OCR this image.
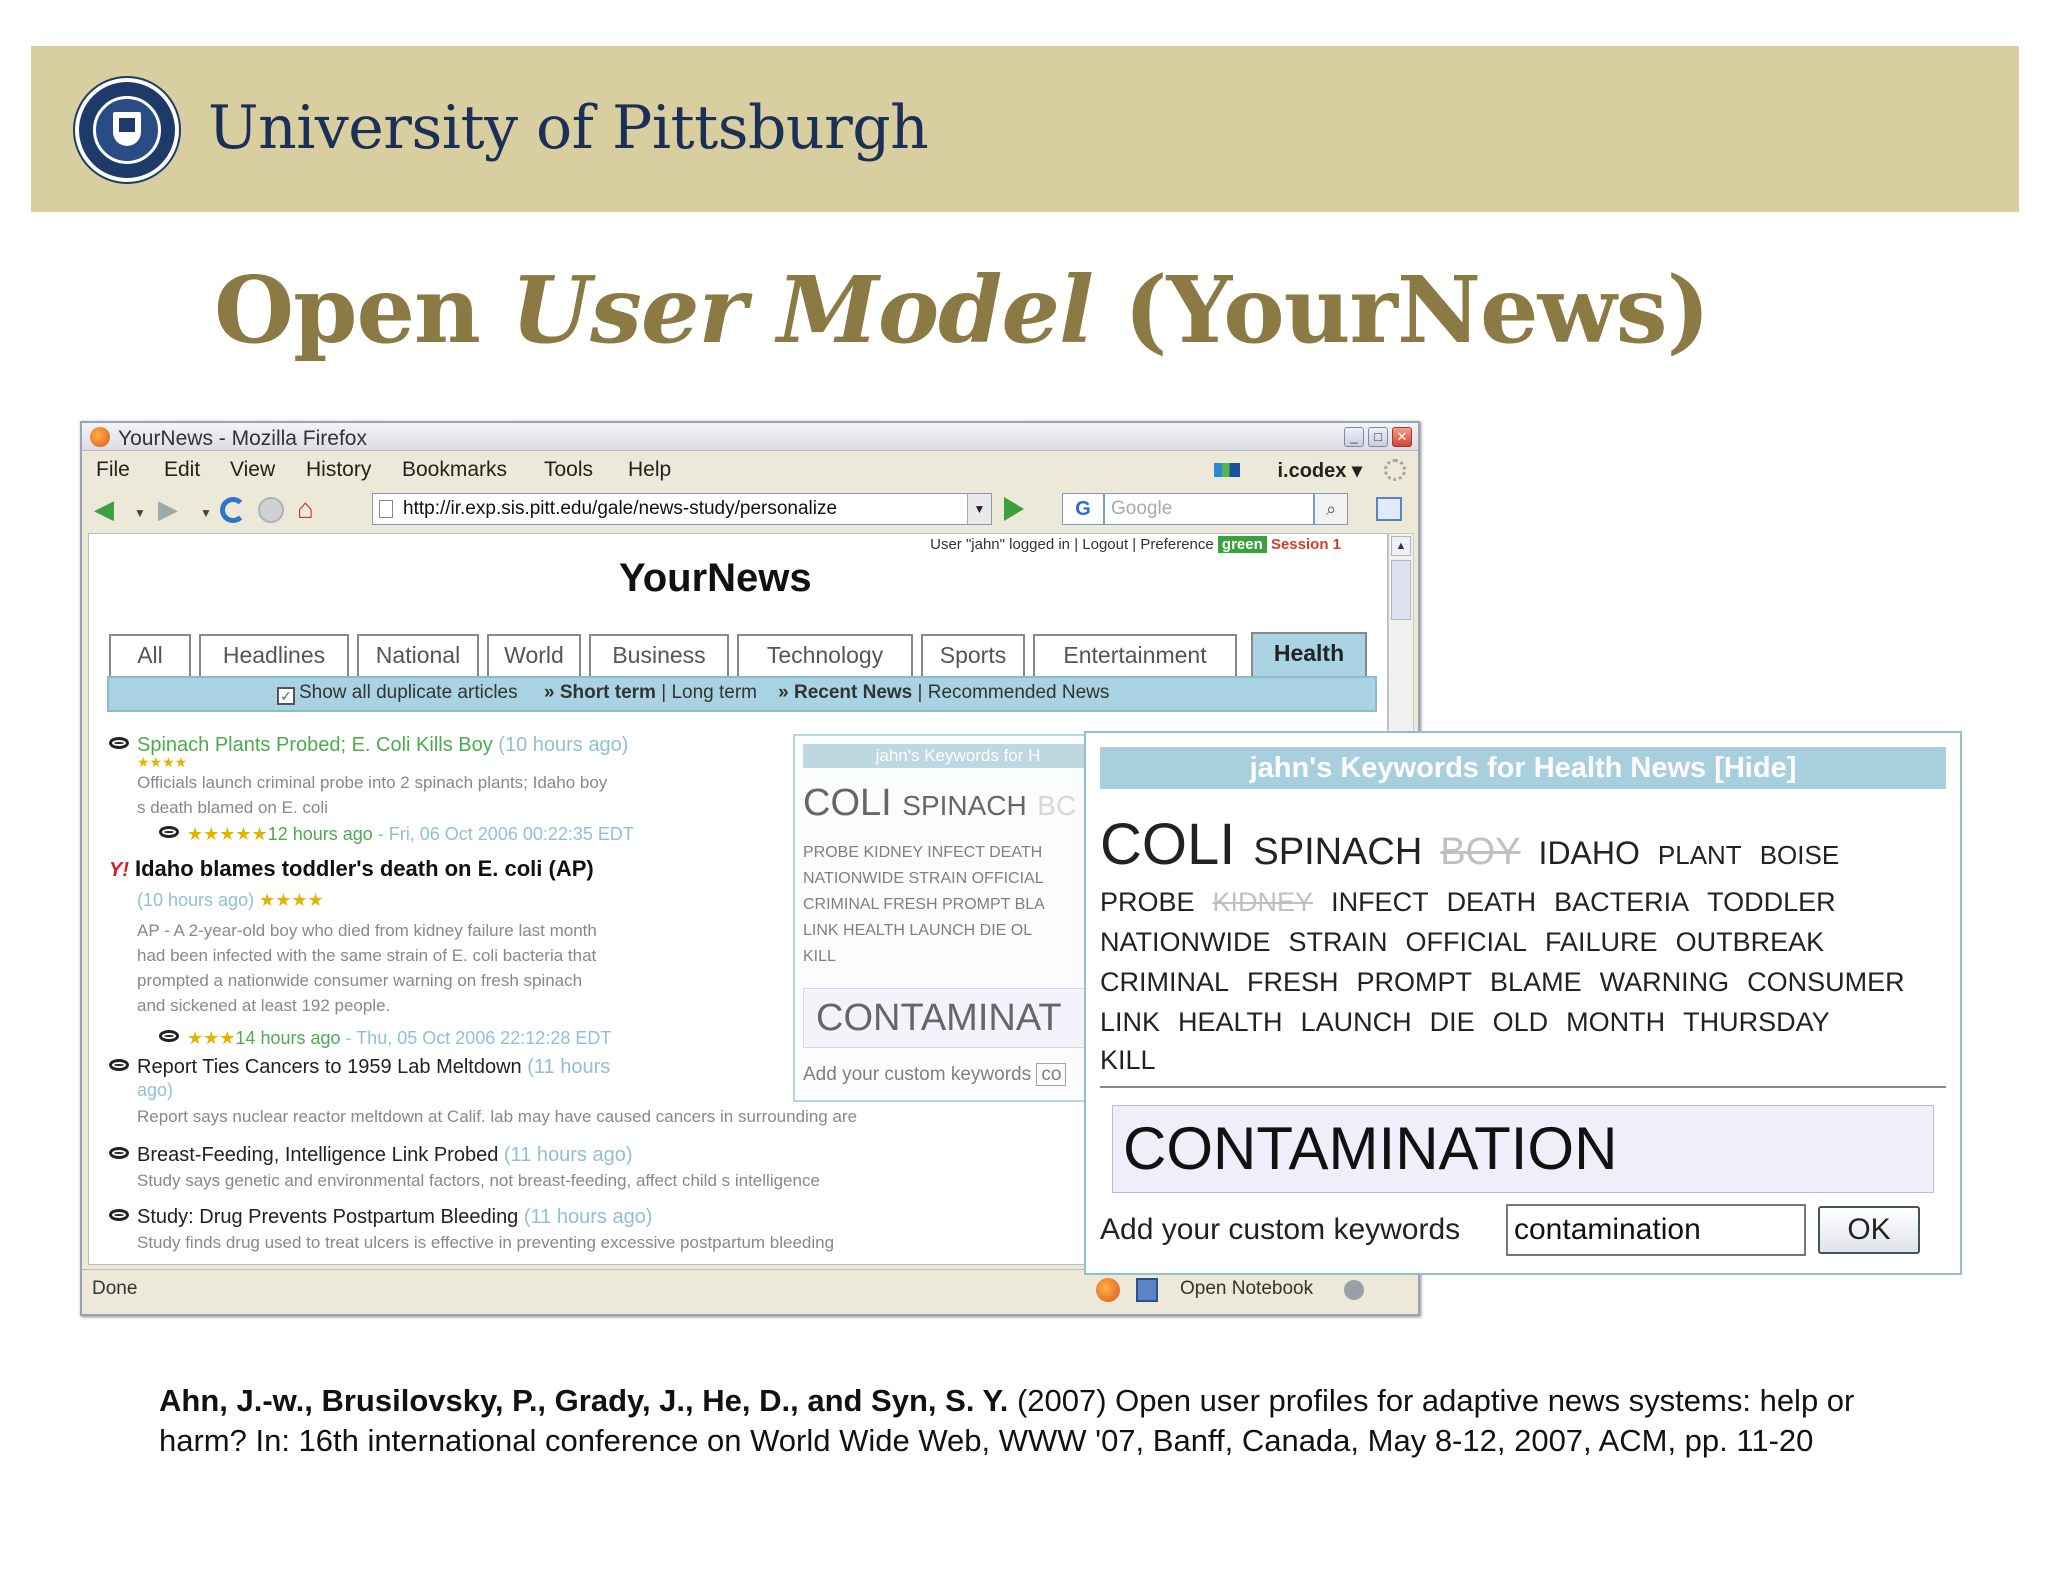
University of Pittsburgh
Open User Model (YourNews)
YourNews - Mozilla Firefox	_	□	✕
File Edit View History Bookmarks Tools Help	i.codex ▾
◀ ▼ ▶ ▼	⌂	http://ir.exp.sis.pitt.edu/gale/news-study/personalize	▼	G	Google	⌕
User "jahn" logged in | Logout | Preference green Session 1
YourNews
All	Headlines	National	World	Business	Technology	Sports	Entertainment	Health
✓ Show all duplicate articles » Short term | Long term » Recent News | Recommended News
Spinach Plants Probed; E. Coli Kills Boy (10 hours ago)
★★★★
Officials launch criminal probe into 2 spinach plants; Idaho boy
s death blamed on E. coli
★★★★★12 hours ago - Fri, 06 Oct 2006 00:22:35 EDT
Y! Idaho blames toddler's death on E. coli (AP)
(10 hours ago) ★★★★
AP - A 2-year-old boy who died from kidney failure last month
had been infected with the same strain of E. coli bacteria that
prompted a nationwide consumer warning on fresh spinach
and sickened at least 192 people.
★★★14 hours ago - Thu, 05 Oct 2006 22:12:28 EDT
Report Ties Cancers to 1959 Lab Meltdown (11 hours
ago)
Report says nuclear reactor meltdown at Calif. lab may have caused cancers in surrounding are
Breast-Feeding, Intelligence Link Probed (11 hours ago)
Study says genetic and environmental factors, not breast-feeding, affect child s intelligence
Study: Drug Prevents Postpartum Bleeding (11 hours ago)
Study finds drug used to treat ulcers is effective in preventing excessive postpartum bleeding
jahn's Keywords for H
COLI SPINACH BC
PROBE KIDNEY INFECT DEATH
NATIONWIDE STRAIN OFFICIAL
CRIMINAL FRESH PROMPT BLA
LINK HEALTH LAUNCH DIE OL
KILL
CONTAMINAT
Add your custom keywords co
▲
Done	Open Notebook
jahn's Keywords for Health News [Hide]
COLI SPINACH BOY IDAHO PLANT BOISE
PROBE KIDNEY INFECT DEATH BACTERIA TODDLER
NATIONWIDE STRAIN OFFICIAL FAILURE OUTBREAK
CRIMINAL FRESH PROMPT BLAME WARNING CONSUMER
LINK HEALTH LAUNCH DIE OLD MONTH THURSDAY
KILL
CONTAMINATION
Add your custom keywords
contamination	OK
Ahn, J.-w., Brusilovsky, P., Grady, J., He, D., and Syn, S. Y. (2007) Open user profiles for adaptive news systems: help or harm? In: 16th international conference on World Wide Web, WWW '07, Banff, Canada, May 8-12, 2007, ACM, pp. 11-20
